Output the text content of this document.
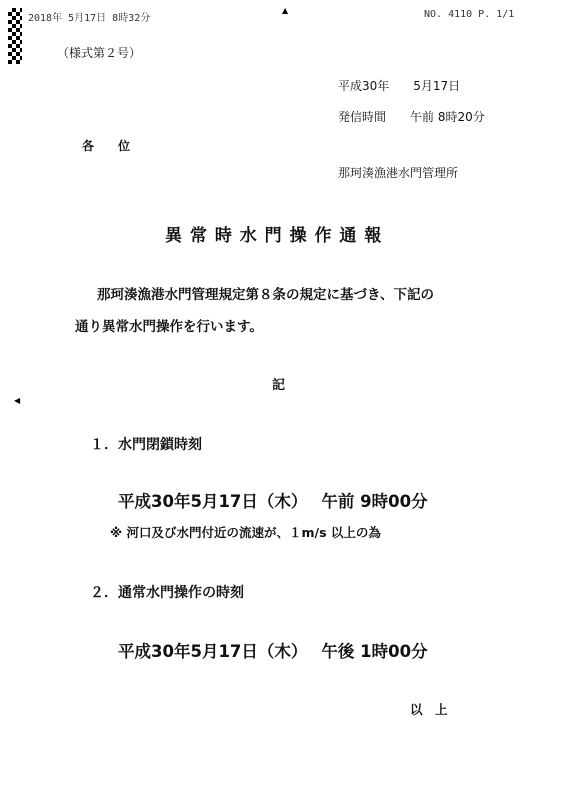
▲
◀
2018年 5月17日 8時32分	NO. 4110 P. 1/1
（様式第２号）
平成30年　　5月17日
発信時間　　午前 8時20分
各　　位
那珂湊漁港水門管理所
異 常 時 水 門 操 作 通 報
那珂湊漁港水門管理規定第８条の規定に基づき、下記の
通り異常水門操作を行います。
記
１．水門閉鎖時刻
平成30年5月17日（木）　 午前 9時00分
※ 河口及び水門付近の流速が、１m/s 以上の為
２．通常水門操作の時刻
平成30年5月17日（木）　 午後 1時00分
以　上
